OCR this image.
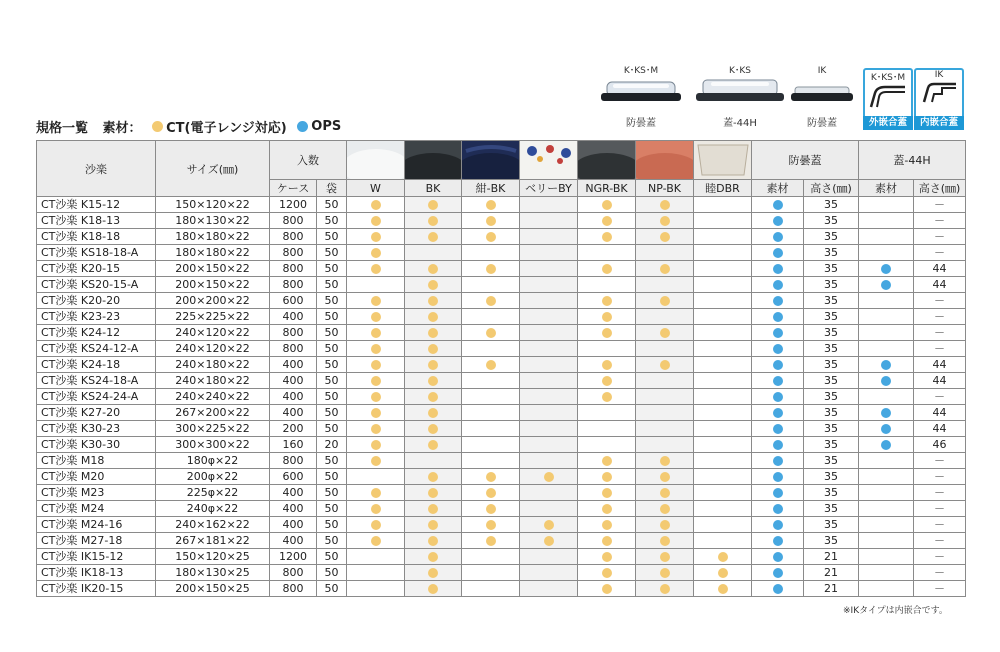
K･KS･M
防曇蓋
K･KS
蓋-44H
IK
防曇蓋
K･KS･M
外嵌合蓋
IK
内嵌合蓋
規格一覧 素材： CT(電子レンジ対応) OPS
沙楽	サイズ(㎜)	入数									防曇蓋		蓋-44H	
		ケース	袋	W	BK	紺-BK	ベリーBY	NGR-BK	NP-BK	睦DBR	素材	高さ(㎜)	素材	高さ(㎜)
CT沙楽 K15-12	150×120×22	1200	50									35		－
CT沙楽 K18-13	180×130×22	800	50									35		－
CT沙楽 K18-18	180×180×22	800	50									35		－
CT沙楽 KS18-18-A	180×180×22	800	50									35		－
CT沙楽 K20-15	200×150×22	800	50									35		44
CT沙楽 KS20-15-A	200×150×22	800	50									35		44
CT沙楽 K20-20	200×200×22	600	50									35		－
CT沙楽 K23-23	225×225×22	400	50									35		－
CT沙楽 K24-12	240×120×22	800	50									35		－
CT沙楽 KS24-12-A	240×120×22	800	50									35		－
CT沙楽 K24-18	240×180×22	400	50									35		44
CT沙楽 KS24-18-A	240×180×22	400	50									35		44
CT沙楽 KS24-24-A	240×240×22	400	50									35		－
CT沙楽 K27-20	267×200×22	400	50									35		44
CT沙楽 K30-23	300×225×22	200	50									35		44
CT沙楽 K30-30	300×300×22	160	20									35		46
CT沙楽 M18	180φ×22	800	50									35		－
CT沙楽 M20	200φ×22	600	50									35		－
CT沙楽 M23	225φ×22	400	50									35		－
CT沙楽 M24	240φ×22	400	50									35		－
CT沙楽 M24-16	240×162×22	400	50									35		－
CT沙楽 M27-18	267×181×22	400	50									35		－
CT沙楽 IK15-12	150×120×25	1200	50									21		－
CT沙楽 IK18-13	180×130×25	800	50									21		－
CT沙楽 IK20-15	200×150×25	800	50									21		－
※IKタイプは内嵌合です。
